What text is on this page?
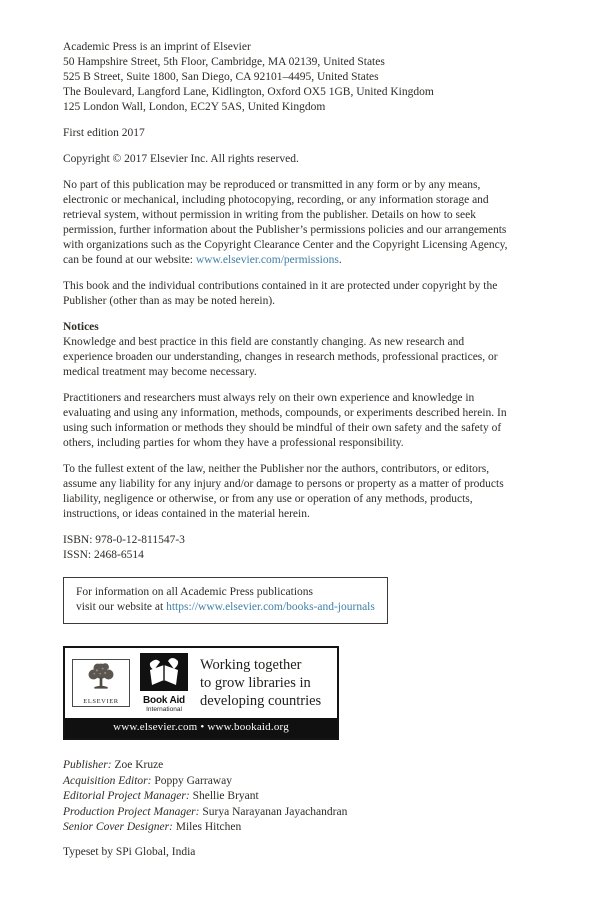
Academic Press is an imprint of Elsevier
50 Hampshire Street, 5th Floor, Cambridge, MA 02139, United States
525 B Street, Suite 1800, San Diego, CA 92101–4495, United States
The Boulevard, Langford Lane, Kidlington, Oxford OX5 1GB, United Kingdom
125 London Wall, London, EC2Y 5AS, United Kingdom

First edition 2017

Copyright © 2017 Elsevier Inc. All rights reserved.

No part of this publication may be reproduced or transmitted in any form or by any means, electronic or mechanical, including photocopying, recording, or any information storage and retrieval system, without permission in writing from the publisher. Details on how to seek permission, further information about the Publisher’s permissions policies and our arrangements with organizations such as the Copyright Clearance Center and the Copyright Licensing Agency, can be found at our website: www.elsevier.com/permissions.

This book and the individual contributions contained in it are protected under copyright by the Publisher (other than as may be noted herein).

Notices
Knowledge and best practice in this field are constantly changing. As new research and experience broaden our understanding, changes in research methods, professional practices, or medical treatment may become necessary.

Practitioners and researchers must always rely on their own experience and knowledge in evaluating and using any information, methods, compounds, or experiments described herein. In using such information or methods they should be mindful of their own safety and the safety of others, including parties for whom they have a professional responsibility.

To the fullest extent of the law, neither the Publisher nor the authors, contributors, or editors, assume any liability for any injury and/or damage to persons or property as a matter of products liability, negligence or otherwise, or from any use or operation of any methods, products, instructions, or ideas contained in the material herein.

ISBN: 978-0-12-811547-3
ISSN: 2468-6514
For information on all Academic Press publications
visit our website at https://www.elsevier.com/books-and-journals
ELSEVIER	Book Aid
International
Working together
to grow libraries in
developing countries
www.elsevier.com • www.bookaid.org
Publisher: Zoe Kruze
Acquisition Editor: Poppy Garraway
Editorial Project Manager: Shellie Bryant
Production Project Manager: Surya Narayanan Jayachandran
Senior Cover Designer: Miles Hitchen
Typeset by SPi Global, India
